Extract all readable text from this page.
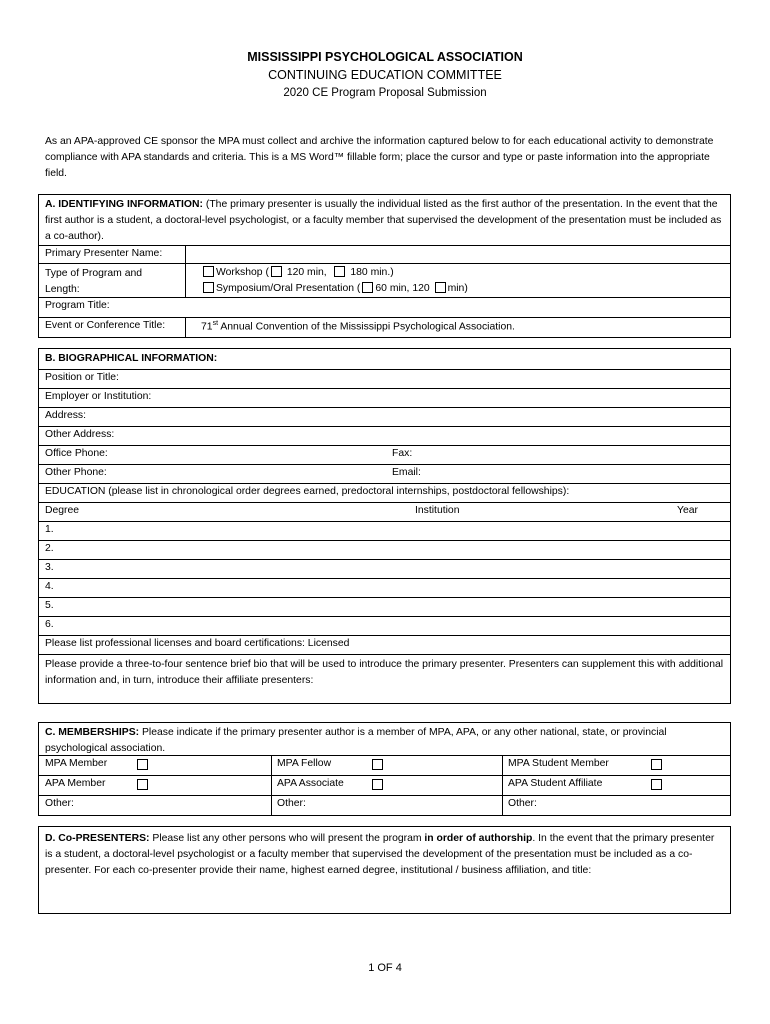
MISSISSIPPI PSYCHOLOGICAL ASSOCIATION
CONTINUING EDUCATION COMMITTEE
2020 CE Program Proposal Submission
As an APA-approved CE sponsor the MPA must collect and archive the information captured below to for each educational activity to demonstrate compliance with APA standards and criteria. This is a MS Word™ fillable form; place the cursor and type or paste information into the appropriate field.
A. IDENTIFYING INFORMATION: (The primary presenter is usually the individual listed as the first author of the presentation. In the event that the first author is a student, a doctoral-level psychologist, or a faculty member that supervised the development of the presentation must be included as a co-author).
Primary Presenter Name:
Type of Program and
Length:
Workshop ( 120 min,   180 min.)
Symposium/Oral Presentation ( 60 min, 120 min)
Program Title:
Event or Conference Title:	71st Annual Convention of the Mississippi Psychological Association.
B. BIOGRAPHICAL INFORMATION:
Position or Title:
Employer or Institution:
Address:
Other Address:
Office Phone:	Fax:
Other Phone:	Email:
EDUCATION (please list in chronological order degrees earned, predoctoral internships, postdoctoral fellowships):
Degree	Institution	Year
1.
2.
3.
4.
5.
6.
Please list professional licenses and board certifications: Licensed
Please provide a three-to-four sentence brief bio that will be used to introduce the primary presenter. Presenters can supplement this with additional information and, in turn, introduce their affiliate presenters:
C. MEMBERSHIPS: Please indicate if the primary presenter author is a member of MPA, APA, or any other national, state, or provincial psychological association.
MPA Member	MPA Fellow	MPA Student Member
APA Member	APA Associate	APA Student Affiliate
Other:	Other:	Other:
D. Co-PRESENTERS: Please list any other persons who will present the program in order of authorship. In the event that the primary presenter is a student, a doctoral-level psychologist or a faculty member that supervised the development of the presentation must be included as a co-presenter. For each co-presenter provide their name, highest earned degree, institutional / business affiliation, and title:
1 OF 4
